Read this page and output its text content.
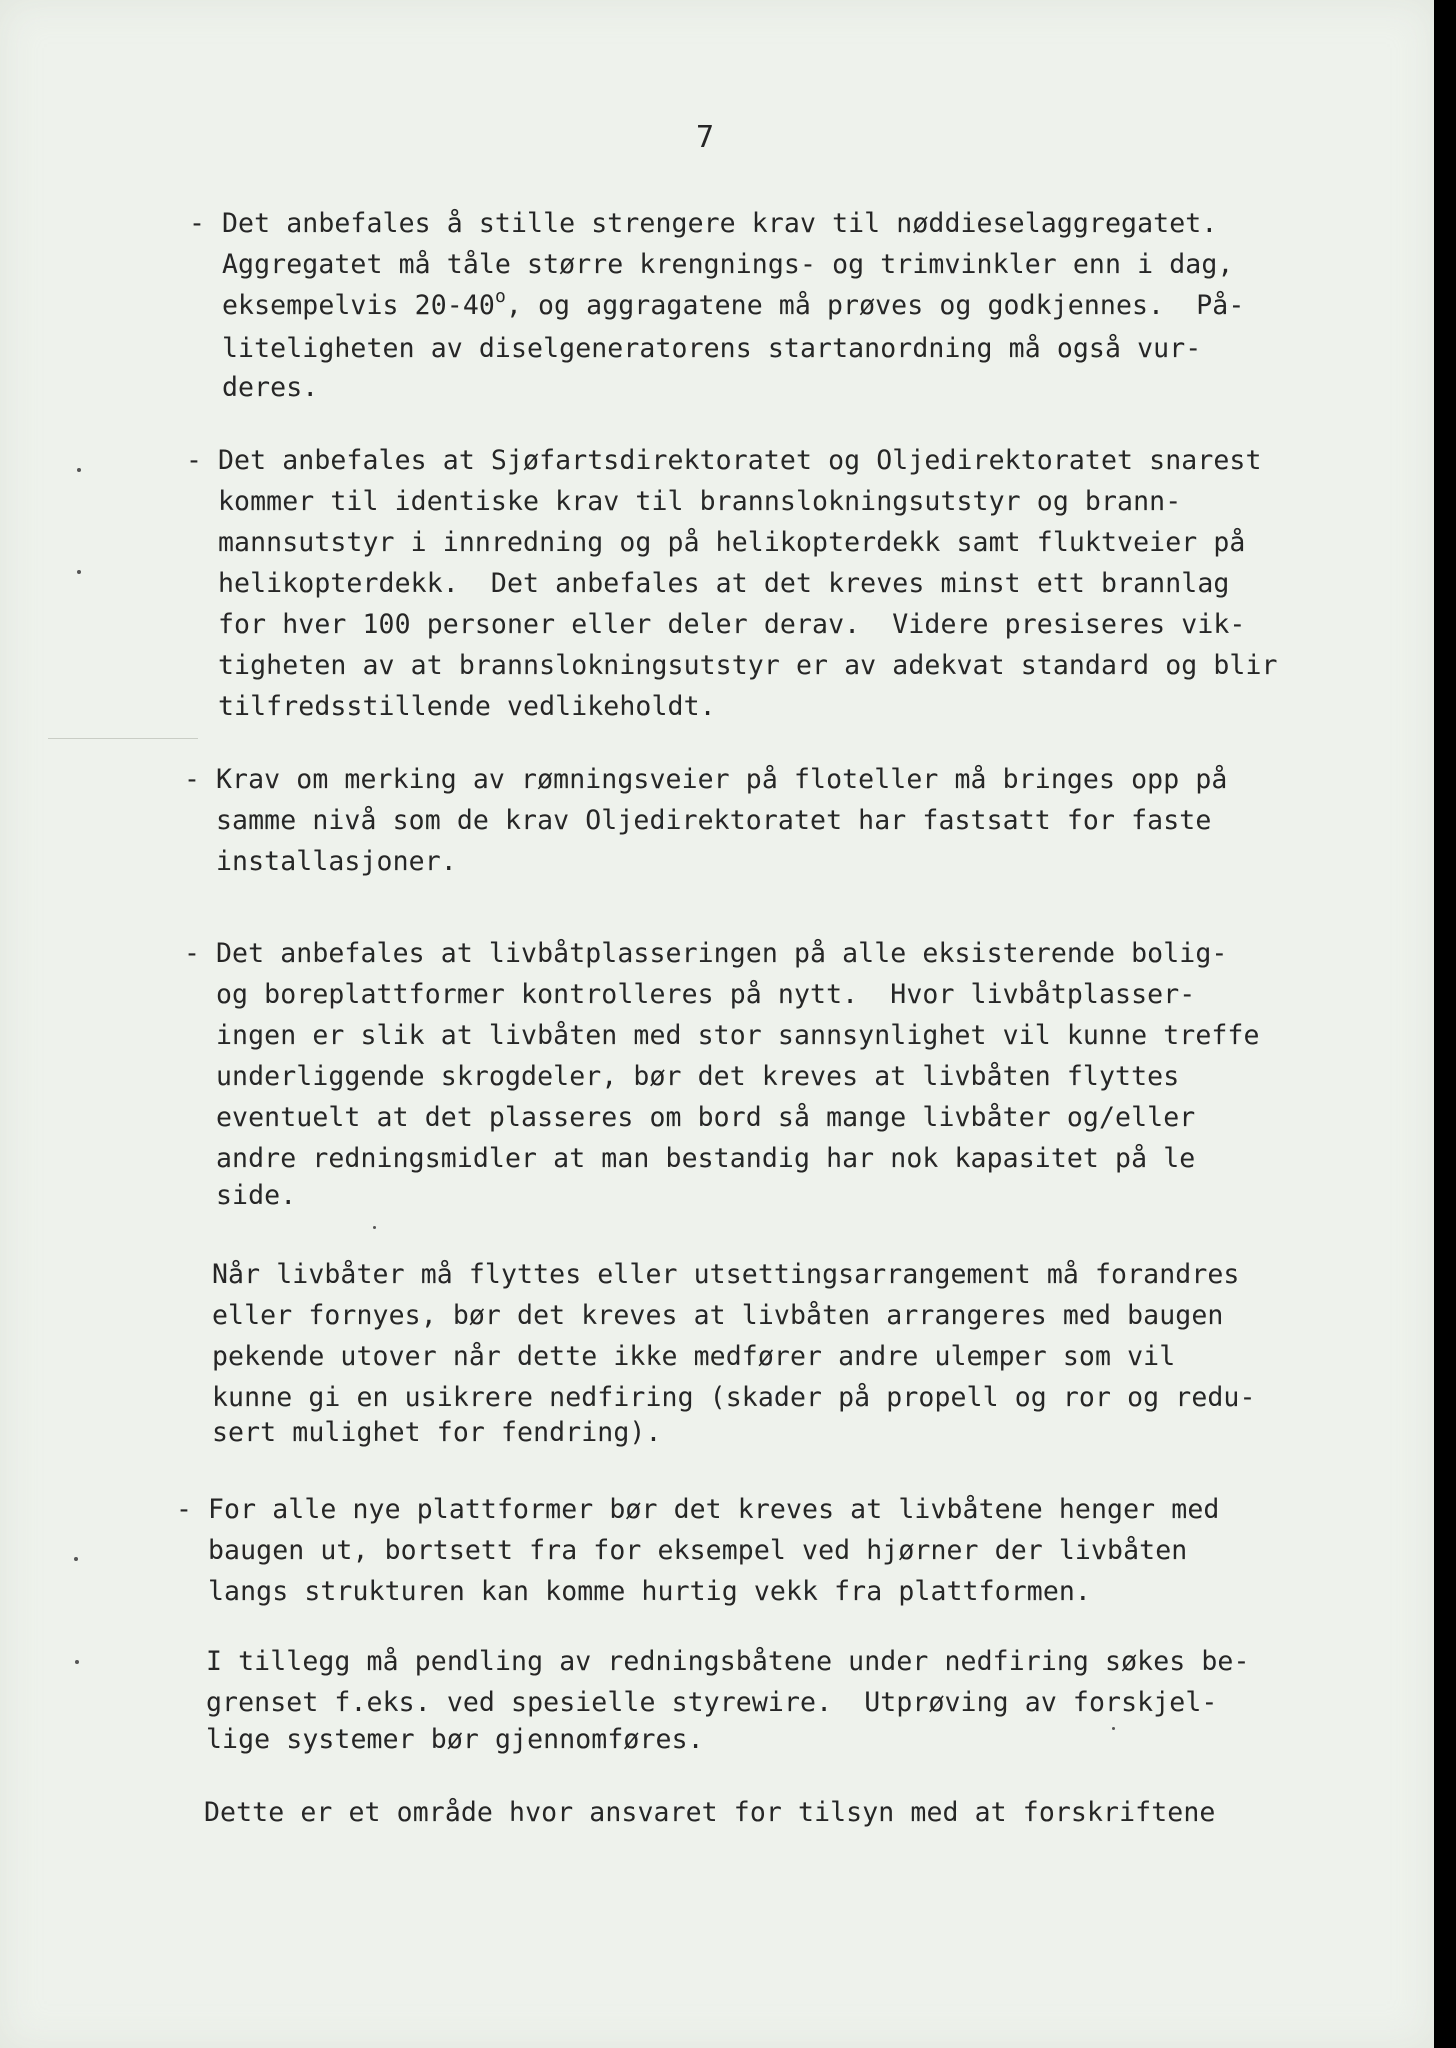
7
- Det anbefales å stille strengere krav til nøddieselaggregatet.
Aggregatet må tåle større krengnings- og trimvinkler enn i dag,
eksempelvis 20-40$^o$, og aggragatene må prøves og godkjennes.  På-
liteligheten av diselgeneratorens startanordning må også vur-
deres.
- Det anbefales at Sjøfartsdirektoratet og Oljedirektoratet snarest
kommer til identiske krav til brannslokningsutstyr og brann-
mannsutstyr i innredning og på helikopterdekk samt fluktveier på
helikopterdekk.  Det anbefales at det kreves minst ett brannlag
for hver 100 personer eller deler derav.  Videre presiseres vik-
tigheten av at brannslokningsutstyr er av adekvat standard og blir
tilfredsstillende vedlikeholdt.
- Krav om merking av rømningsveier på floteller må bringes opp på
samme nivå som de krav Oljedirektoratet har fastsatt for faste
installasjoner.
- Det anbefales at livbåtplasseringen på alle eksisterende bolig-
og boreplattformer kontrolleres på nytt.  Hvor livbåtplasser-
ingen er slik at livbåten med stor sannsynlighet vil kunne treffe
underliggende skrogdeler, bør det kreves at livbåten flyttes
eventuelt at det plasseres om bord så mange livbåter og/eller
andre redningsmidler at man bestandig har nok kapasitet på le
side.
Når livbåter må flyttes eller utsettingsarrangement må forandres
eller fornyes, bør det kreves at livbåten arrangeres med baugen
pekende utover når dette ikke medfører andre ulemper som vil
kunne gi en usikrere nedfiring (skader på propell og ror og redu-
sert mulighet for fendring).
- For alle nye plattformer bør det kreves at livbåtene henger med
baugen ut, bortsett fra for eksempel ved hjørner der livbåten
langs strukturen kan komme hurtig vekk fra plattformen.
I tillegg må pendling av redningsbåtene under nedfiring søkes be-
grenset f.eks. ved spesielle styrewire.  Utprøving av forskjel-
lige systemer bør gjennomføres.
Dette er et område hvor ansvaret for tilsyn med at forskriftene
